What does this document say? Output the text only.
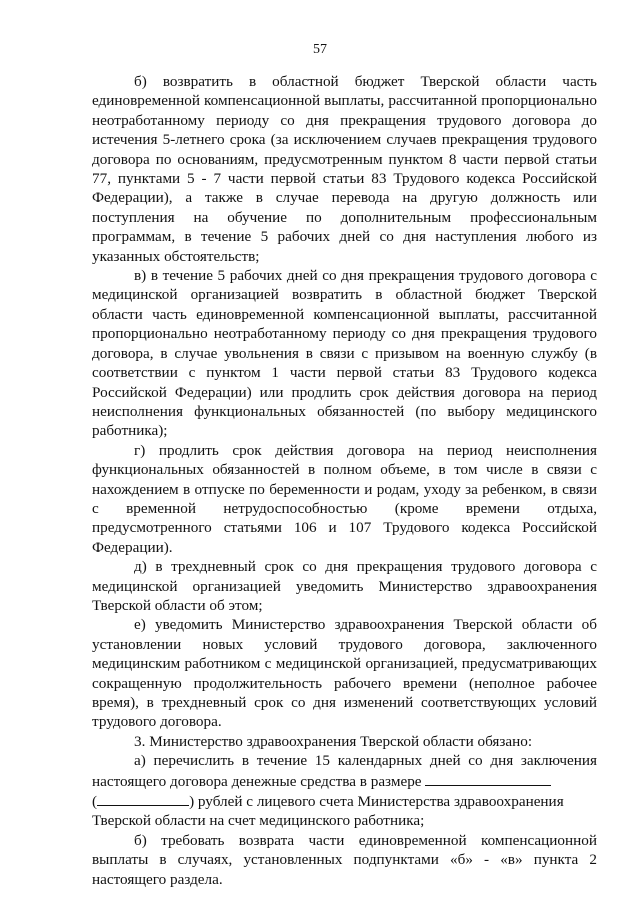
57
б) возвратить в областной бюджет Тверской области часть
единовременной компенсационной выплаты, рассчитанной пропорционально
неотработанному периоду со дня прекращения трудового договора до
истечения 5-летнего срока (за исключением случаев прекращения трудового
договора по основаниям, предусмотренным пунктом 8 части первой статьи
77, пунктами 5 - 7 части первой статьи 83 Трудового кодекса Российской
Федерации), а также в случае перевода на другую должность или
поступления на обучение по дополнительным профессиональным
программам, в течение 5 рабочих дней со дня наступления любого из
указанных обстоятельств;
в) в течение 5 рабочих дней со дня прекращения трудового договора с
медицинской организацией возвратить в областной бюджет Тверской
области часть единовременной компенсационной выплаты, рассчитанной
пропорционально неотработанному периоду со дня прекращения трудового
договора, в случае увольнения в связи с призывом на военную службу (в
соответствии с пунктом 1 части первой статьи 83 Трудового кодекса
Российской Федерации) или продлить срок действия договора на период
неисполнения функциональных обязанностей (по выбору медицинского
работника);
г) продлить срок действия договора на период неисполнения
функциональных обязанностей в полном объеме, в том числе в связи с
нахождением в отпуске по беременности и родам, уходу за ребенком, в связи
с временной нетрудоспособностью (кроме времени отдыха,
предусмотренного статьями 106 и 107 Трудового кодекса Российской
Федерации).
д) в трехдневный срок со дня прекращения трудового договора с
медицинской организацией уведомить Министерство здравоохранения
Тверской области об этом;
е) уведомить Министерство здравоохранения Тверской области об
установлении новых условий трудового договора, заключенного
медицинским работником с медицинской организацией, предусматривающих
сокращенную продолжительность рабочего времени (неполное рабочее
время), в трехдневный срок со дня изменений соответствующих условий
трудового договора.
3. Министерство здравоохранения Тверской области обязано:
а) перечислить в течение 15 календарных дней со дня заключения
настоящего договора денежные средства в размере
(	) рублей с лицевого счета Министерства здравоохранения
Тверской области на счет медицинского работника;
б) требовать возврата части единовременной компенсационной
выплаты в случаях, установленных подпунктами «б» - «в» пункта 2
настоящего раздела.
